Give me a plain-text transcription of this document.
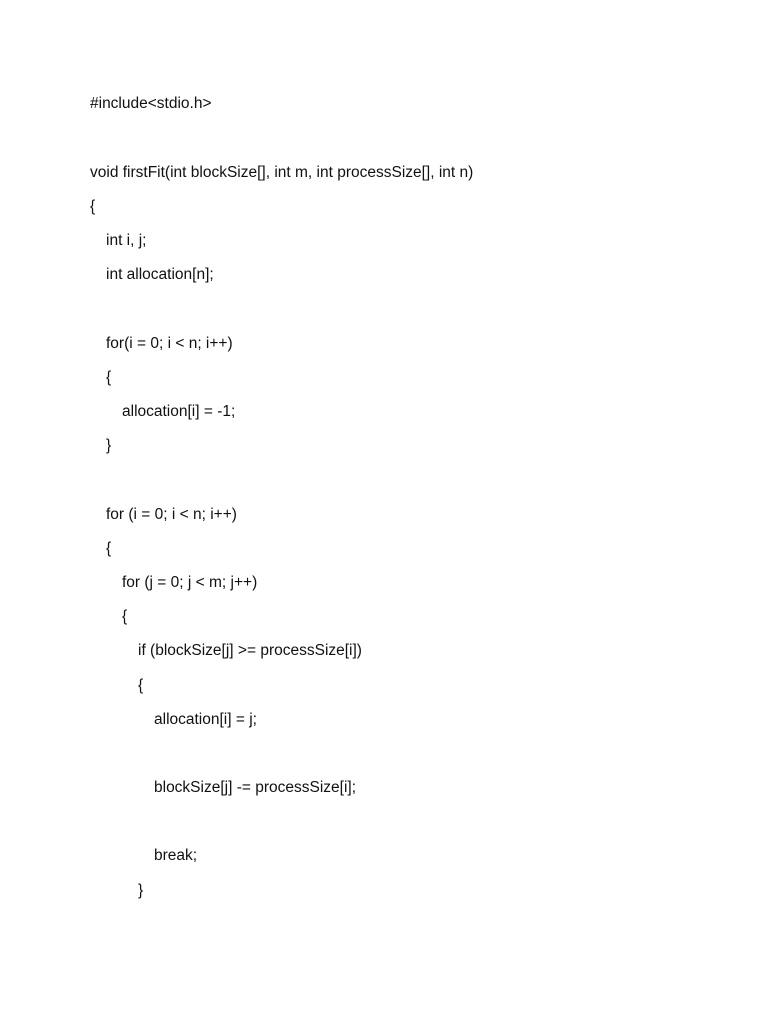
#include<stdio.h>

void firstFit(int blockSize[], int m, int processSize[], int n)

{

int i, j;

int allocation[n];

for(i = 0; i < n; i++)

{

allocation[i] = -1;

}

for (i = 0; i < n; i++)

{

for (j = 0; j < m; j++)

{

if (blockSize[j] >= processSize[i])

{

allocation[i] = j;

blockSize[j] -= processSize[i];

break;

}
